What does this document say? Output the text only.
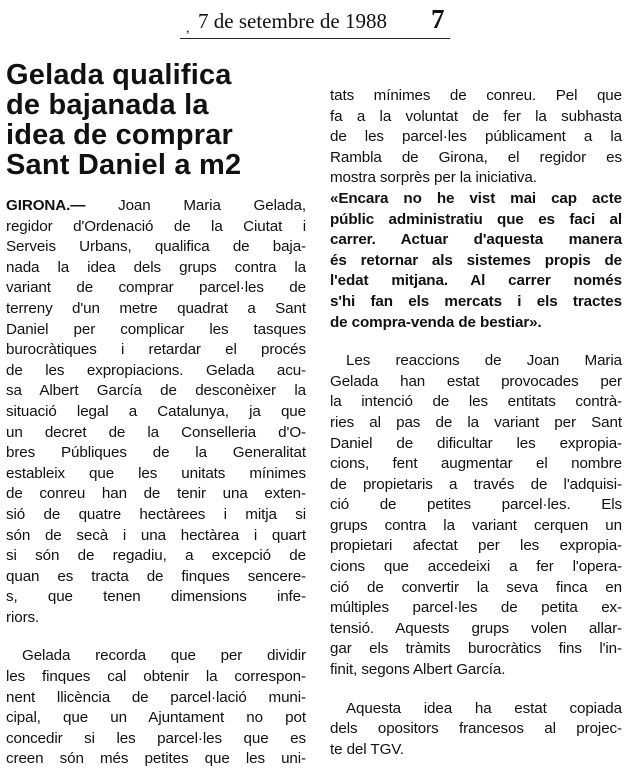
, 7 de setembre de 1988 7
Gelada qualifica
de bajanada la
idea de comprar
Sant Daniel a m2
GIRONA.— Joan Maria Gelada,
regidor d'Ordenació de la Ciutat i
Serveis Urbans, qualifica de baja-
nada la idea dels grups contra la
variant de comprar parcel·les de
terreny d'un metre quadrat a Sant
Daniel per complicar les tasques
burocràtiques i retardar el procés
de les expropiacions. Gelada acu-
sa Albert García de desconèixer la
situació legal a Catalunya, ja que
un decret de la Conselleria d'O-
bres Públiques de la Generalitat
estableix que les unitats mínimes
de conreu han de tenir una exten-
sió de quatre hectàrees i mitja si
són de secà i una hectàrea i quart
si són de regadiu, a excepció de
quan es tracta de finques sencere-
s, que tenen dimensions infe-
riors.
Gelada recorda que per dividir
les finques cal obtenir la correspon-
nent llicència de parcel·lació muni-
cipal, que un Ajuntament no pot
concedir si les parcel·les que es
creen són més petites que les uni-
tats mínimes de conreu. Pel que
fa a la voluntat de fer la subhasta
de les parcel·les públicament a la
Rambla de Girona, el regidor es
mostra sorprès per la iniciativa.
«Encara no he vist mai cap acte
públic administratiu que es faci al
carrer. Actuar d'aquesta manera
és retornar als sistemes propis de
l'edat mitjana. Al carrer només
s'hi fan els mercats i els tractes
de compra-venda de bestiar».
Les reaccions de Joan Maria
Gelada han estat provocades per
la intenció de les entitats contrà-
ries al pas de la variant per Sant
Daniel de dificultar les expropia-
cions, fent augmentar el nombre
de propietaris a través de l'adquisi-
ció de petites parcel·les. Els
grups contra la variant cerquen un
propietari afectat per les expropia-
cions que accedeixi a fer l'opera-
ció de convertir la seva finca en
múltiples parcel·les de petita ex-
tensió. Aquests grups volen allar-
gar els tràmits burocràtics fins l'in-
finit, segons Albert García.
Aquesta idea ha estat copiada
dels opositors francesos al projec-
te del TGV.
